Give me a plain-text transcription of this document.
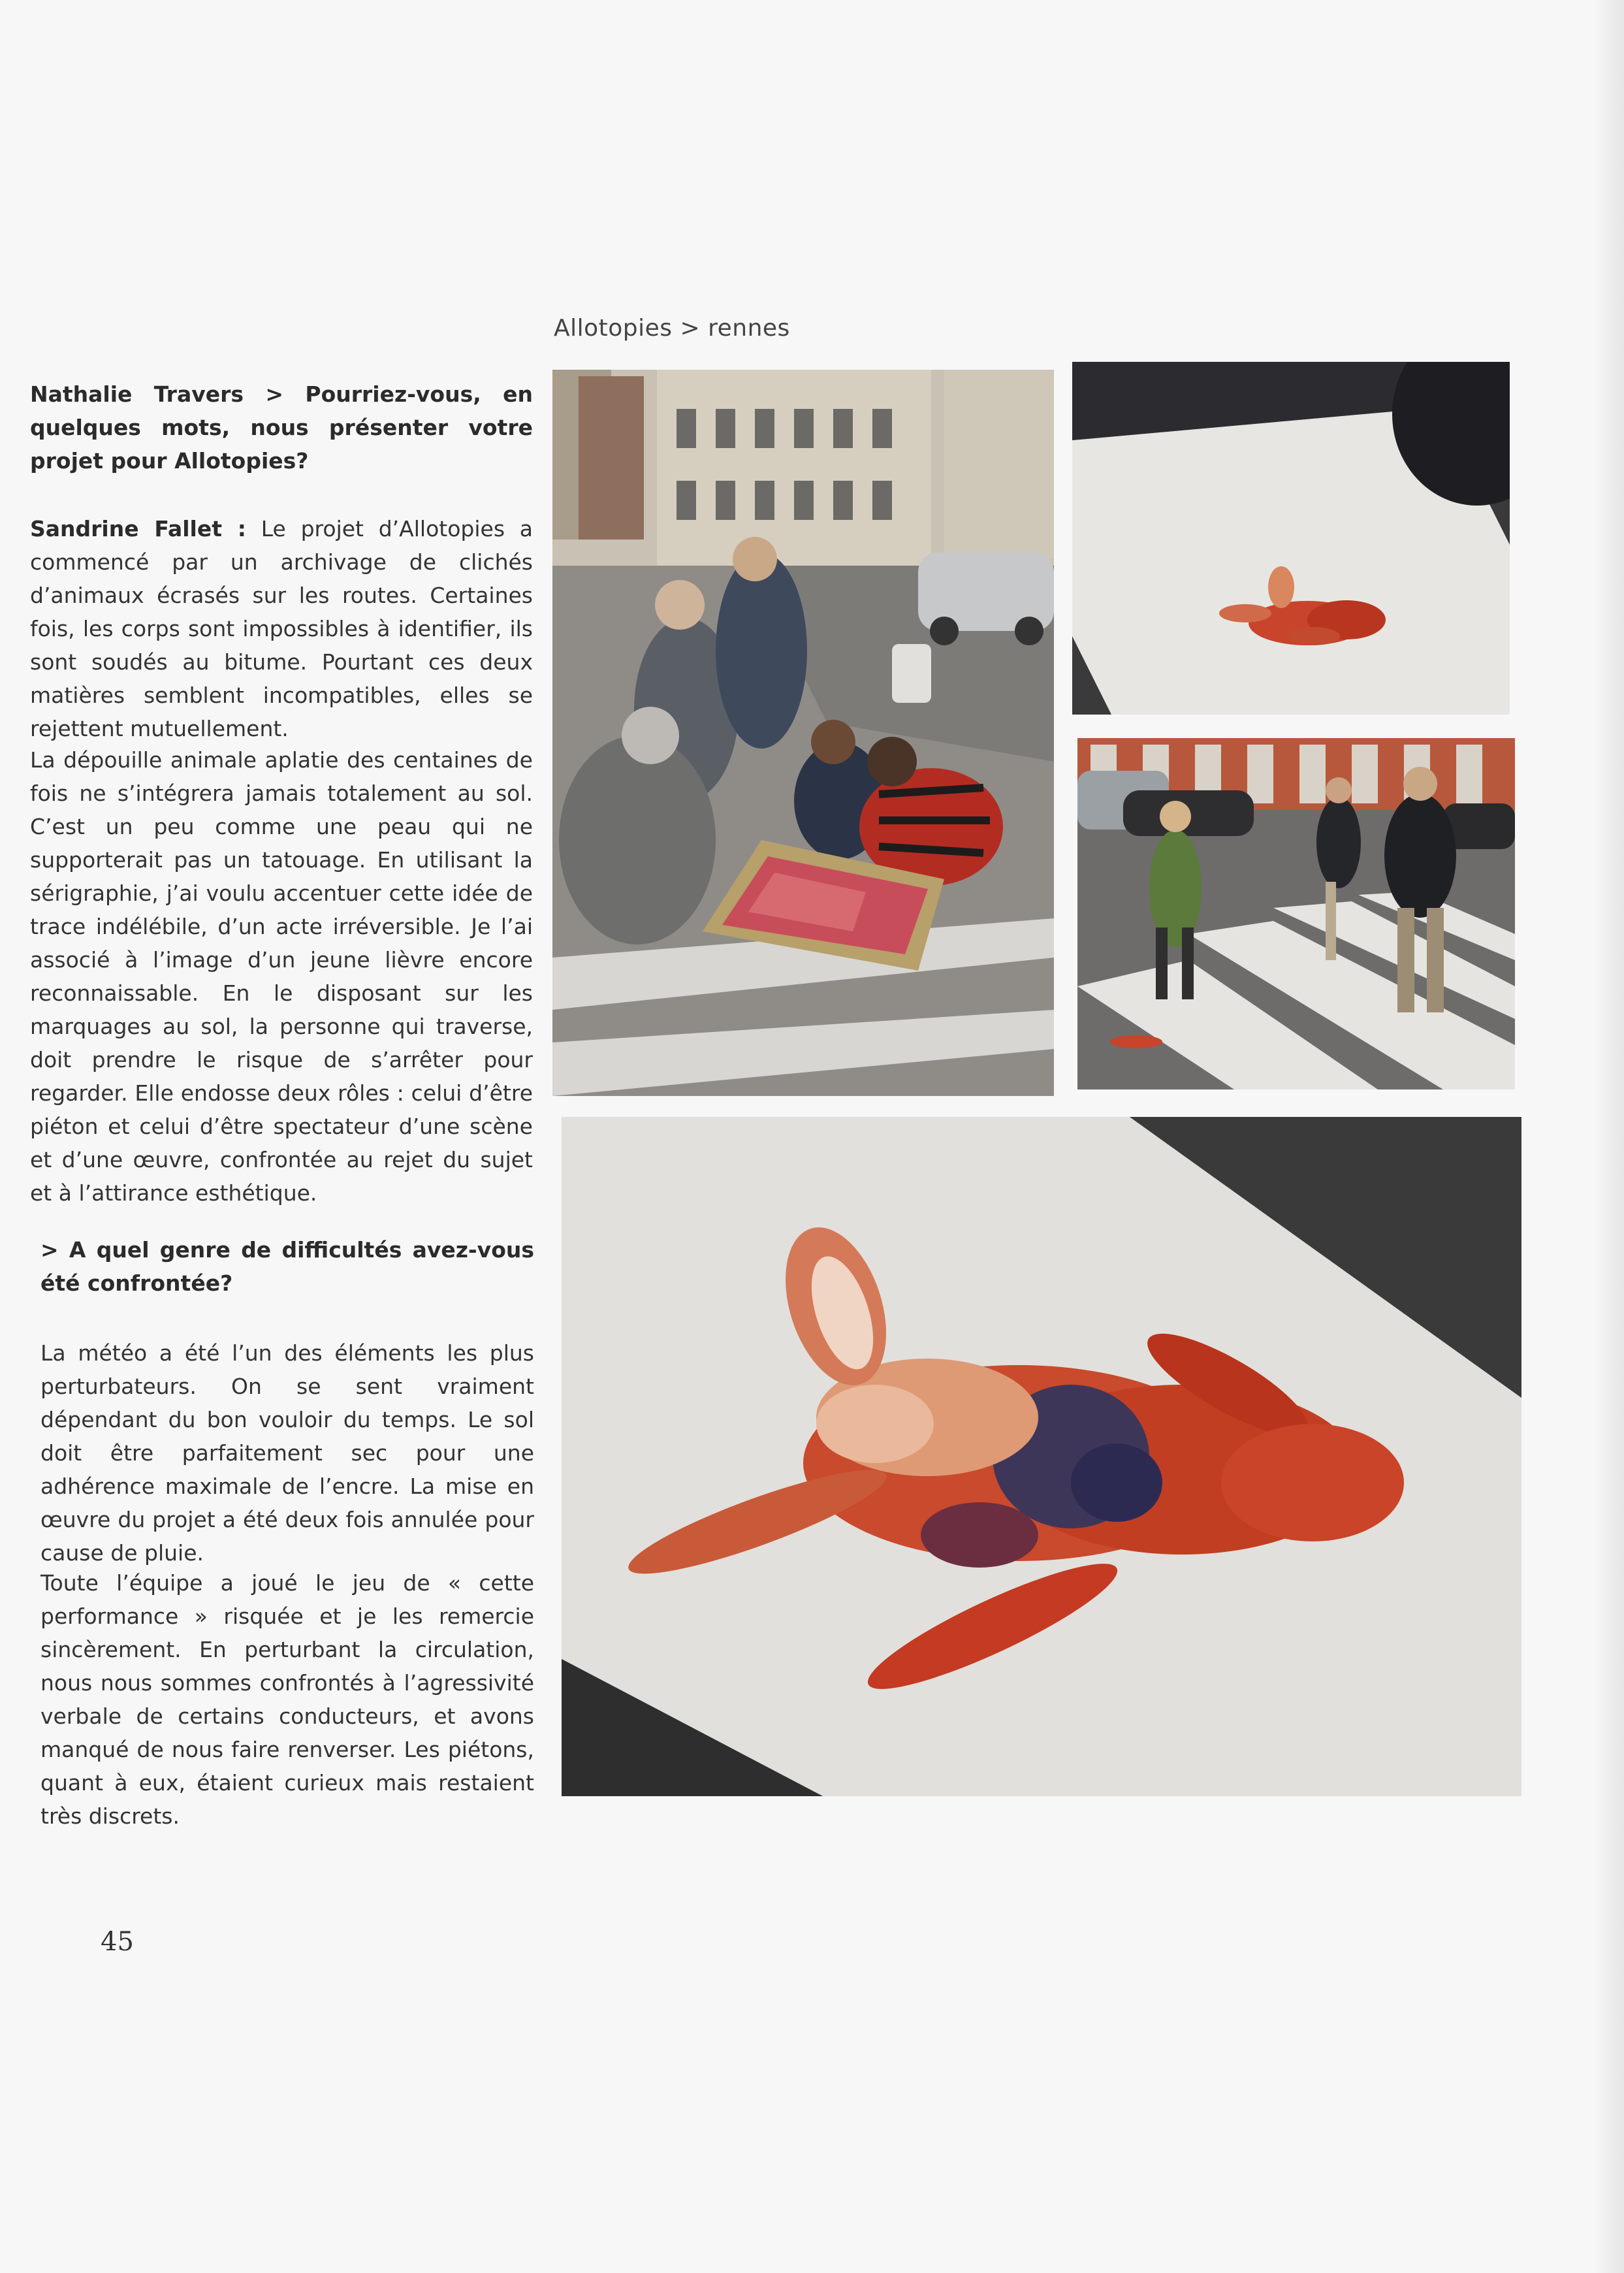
Allotopies > rennes

Nathalie Travers > Pourriez-vous, en quelques mots, nous présenter votre projet pour Allotopies?

Sandrine Fallet : Le projet d’Allotopies a commencé par un archivage de clichés d’animaux écrasés sur les routes. Certaines fois, les corps sont impossibles à identifier, ils sont soudés au bitume. Pourtant ces deux matières semblent incompatibles, elles se rejettent mutuellement.

La dépouille animale aplatie des centaines de fois ne s’intégrera jamais totalement au sol. C’est un peu comme une peau qui ne supporterait pas un tatouage. En utilisant la sérigraphie, j’ai voulu accentuer cette idée de trace indélébile, d’un acte irréversible. Je l’ai associé à l’image d’un jeune lièvre encore reconnaissable. En le disposant sur les marquages au sol, la personne qui traverse, doit prendre le risque de s’arrêter pour regarder. Elle endosse deux rôles : celui d’être piéton et celui d’être spectateur d’une scène et d’une œuvre, confrontée au rejet du sujet et à l’attirance esthétique.

> A quel genre de difficultés avez-vous été confrontée?

La météo a été l’un des éléments les plus perturbateurs. On se sent vraiment dépendant du bon vouloir du temps. Le sol doit être parfaitement sec pour une adhérence maximale de l’encre. La mise en œuvre du projet a été deux fois annulée pour cause de pluie.

Toute l’équipe a joué le jeu de « cette performance » risquée et je les remercie sincèrement. En perturbant la circulation, nous nous sommes confrontés à l’agressivité verbale de certains conducteurs, et avons manqué de nous faire renverser. Les piétons, quant à eux, étaient curieux mais restaient très discrets.

45
